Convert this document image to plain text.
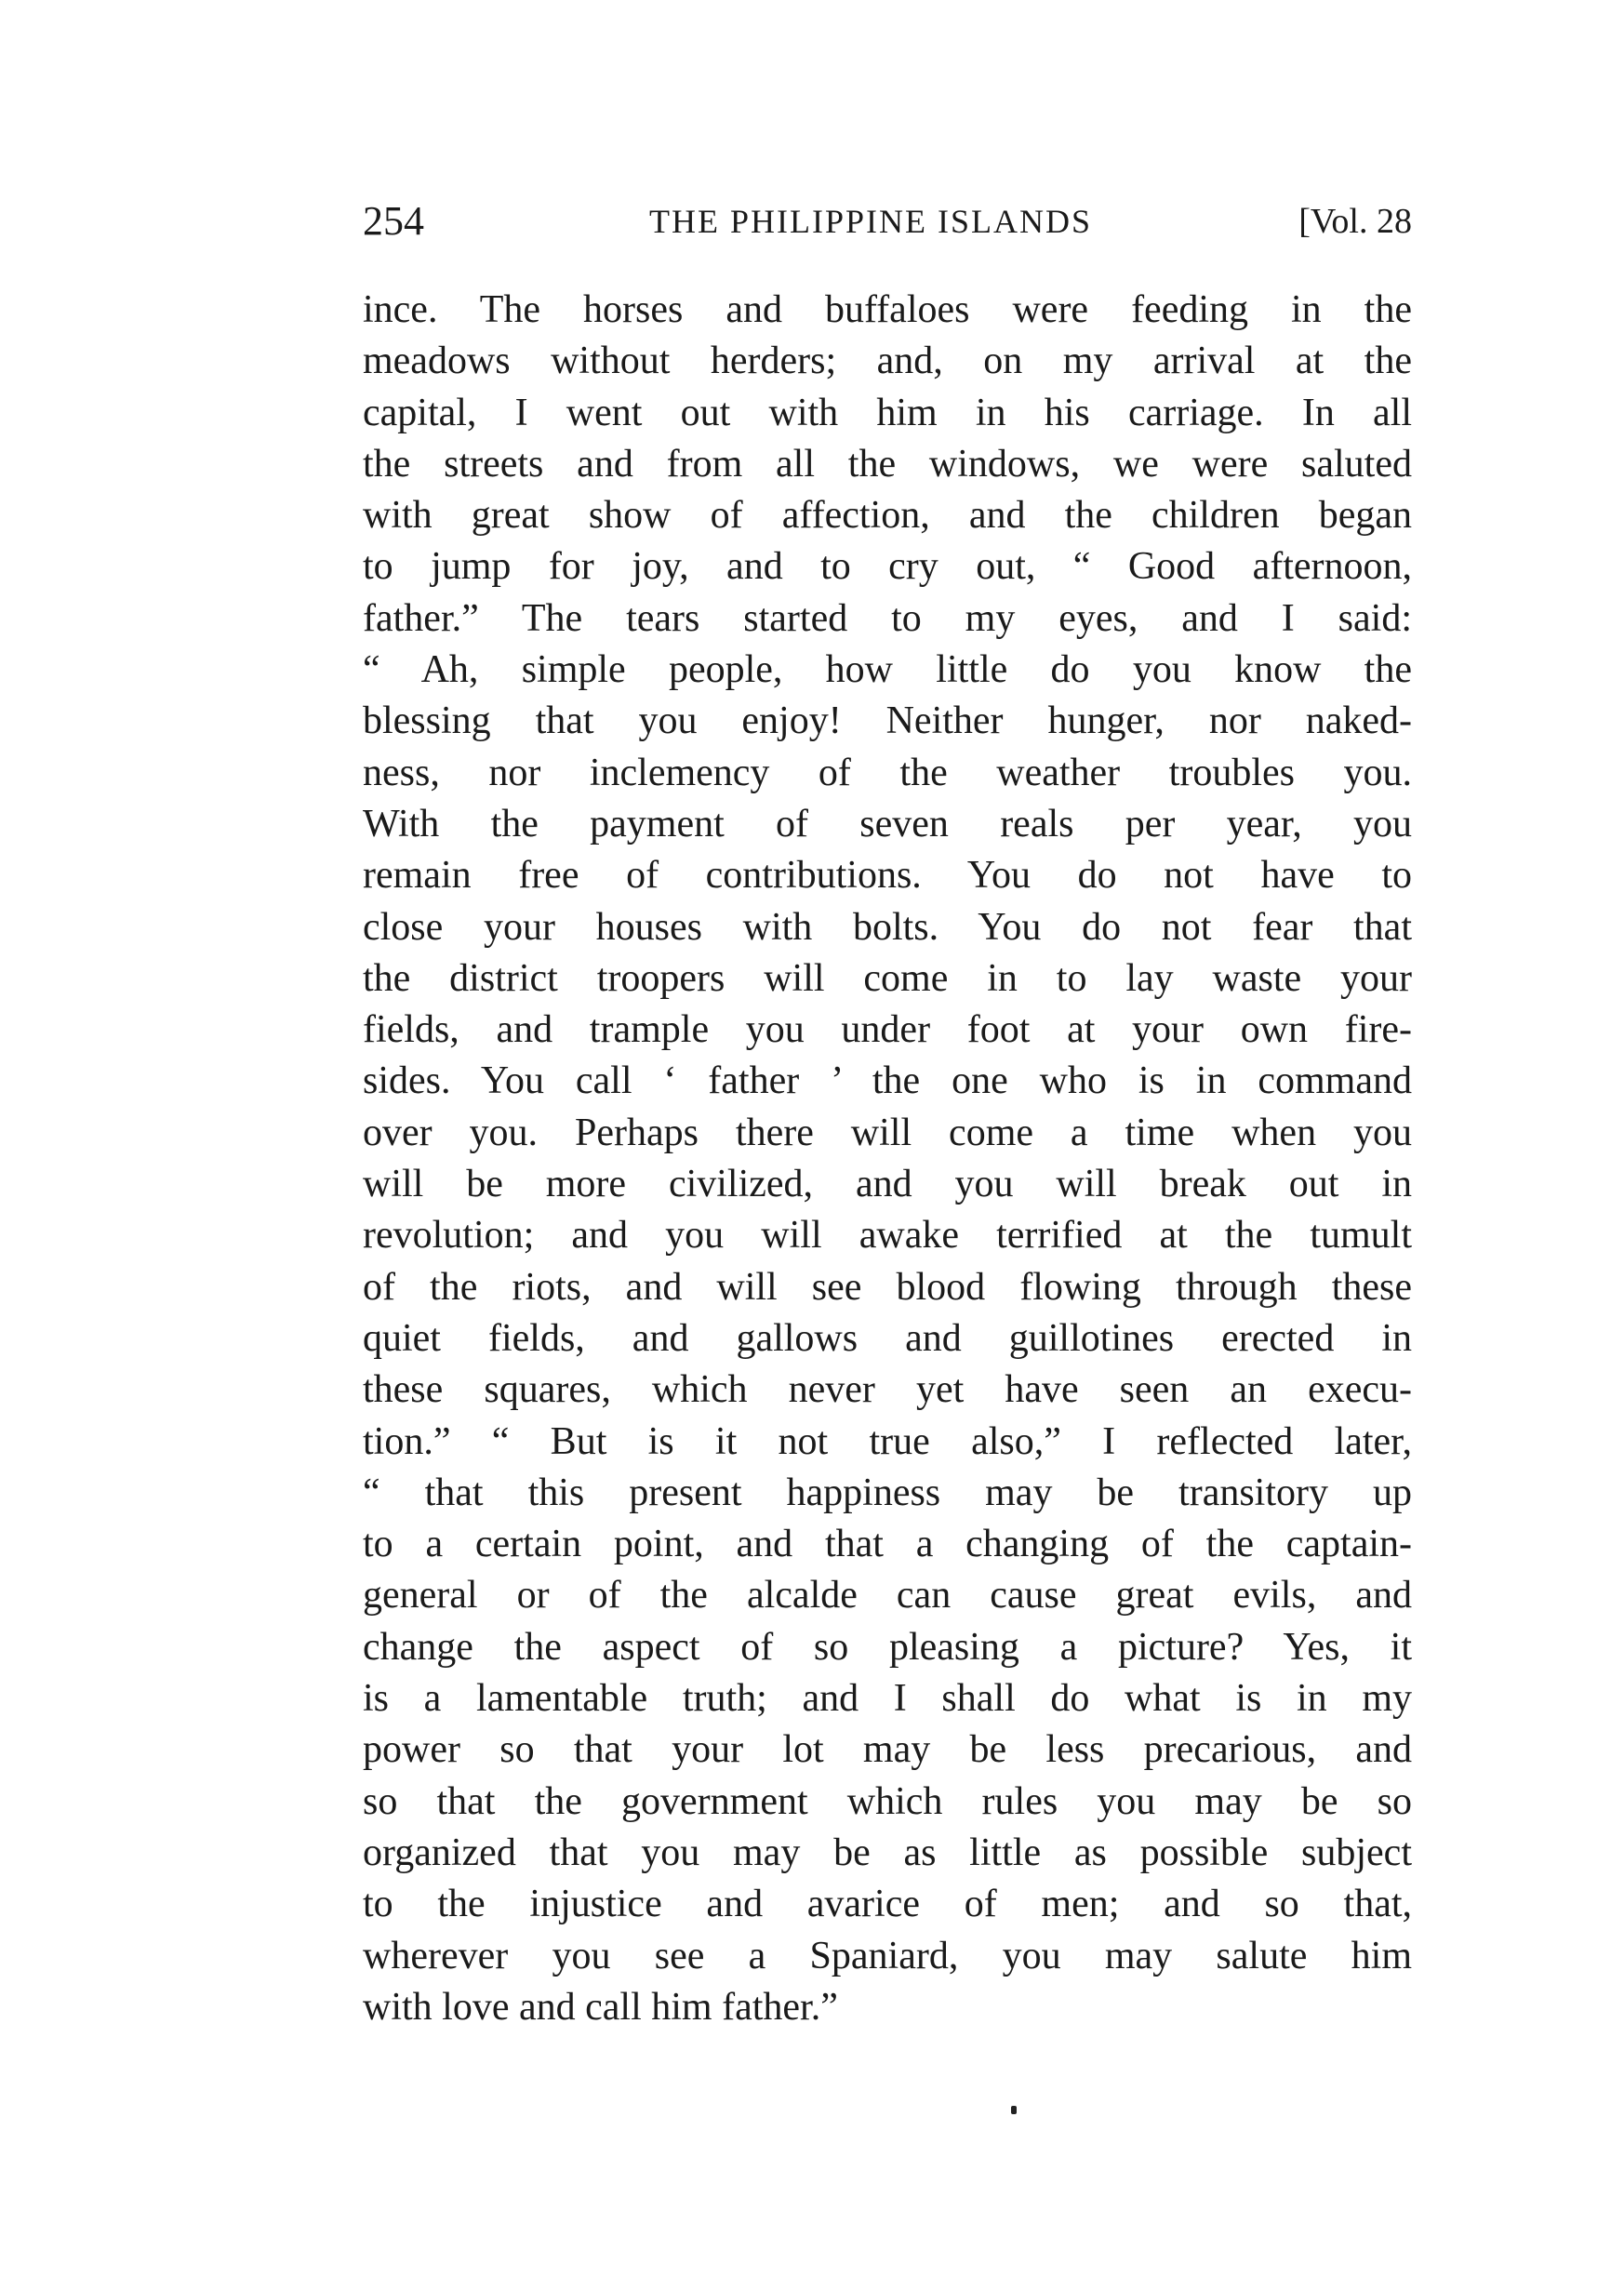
254	THE PHILIPPINE ISLANDS	[Vol. 28
ince. The horses and buffaloes were feeding in the
meadows without herders; and, on my arrival at the
capital, I went out with him in his carriage. In all
the streets and from all the windows, we were saluted
with great show of affection, and the children began
to jump for joy, and to cry out, “ Good afternoon,
father.” The tears started to my eyes, and I said:
“ Ah, simple people, how little do you know the
blessing that you enjoy! Neither hunger, nor naked-
ness, nor inclemency of the weather troubles you.
With the payment of seven reals per year, you
remain free of contributions. You do not have to
close your houses with bolts. You do not fear that
the district troopers will come in to lay waste your
fields, and trample you under foot at your own fire-
sides. You call ‘ father ’ the one who is in command
over you. Perhaps there will come a time when you
will be more civilized, and you will break out in
revolution; and you will awake terrified at the tumult
of the riots, and will see blood flowing through these
quiet fields, and gallows and guillotines erected in
these squares, which never yet have seen an execu-
tion.” “ But is it not true also,” I reflected later,
“ that this present happiness may be transitory up
to a certain point, and that a changing of the captain-
general or of the alcalde can cause great evils, and
change the aspect of so pleasing a picture? Yes, it
is a lamentable truth; and I shall do what is in my
power so that your lot may be less precarious, and
so that the government which rules you may be so
organized that you may be as little as possible subject
to the injustice and avarice of men; and so that,
wherever you see a Spaniard, you may salute him
with love and call him father.”
